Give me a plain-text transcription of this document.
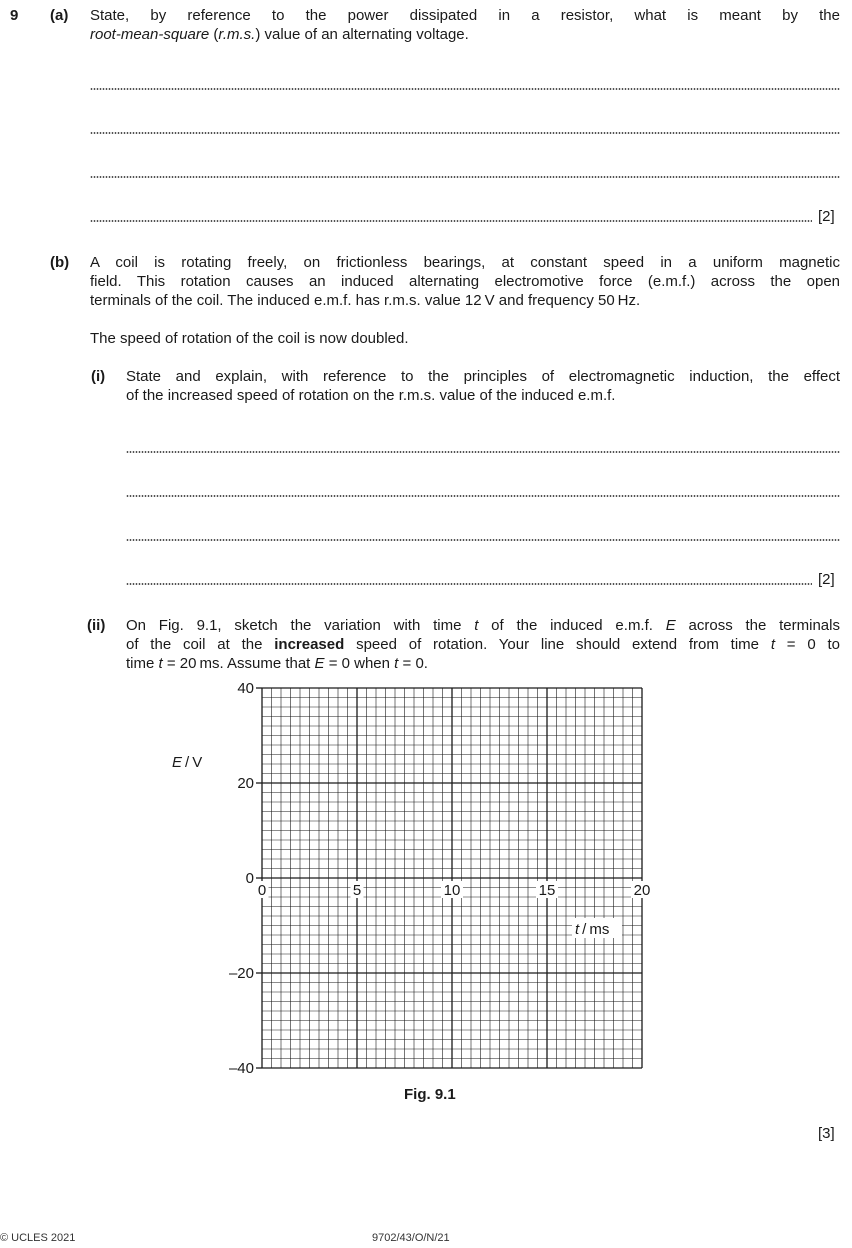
9 (a) State, by reference to the power dissipated in a resistor, what is meant by the
root-mean-square (r.m.s.) value of an alternating voltage.
[2]
(b) A coil is rotating freely, on frictionless bearings, at constant speed in a uniform magnetic
field. This rotation causes an induced alternating electromotive force (e.m.f.) across the open
terminals of the coil. The induced e.m.f. has r.m.s. value 12 V and frequency 50 Hz.
The speed of rotation of the coil is now doubled.
(i) State and explain, with reference to the principles of electromagnetic induction, the effect
of the increased speed of rotation on the r.m.s. value of the induced e.m.f.
[2]
(ii) On Fig. 9.1, sketch the variation with time t of the induced e.m.f. E across the terminals
of the coil at the increased speed of rotation. Your line should extend from time t = 0 to
time t = 20 ms. Assume that E = 0 when t = 0.
40
20
0
–20
–40
0	5	10	15	20
E / V
t / ms
Fig. 9.1
[3]
© UCLES 2021	9702/43/O/N/21
